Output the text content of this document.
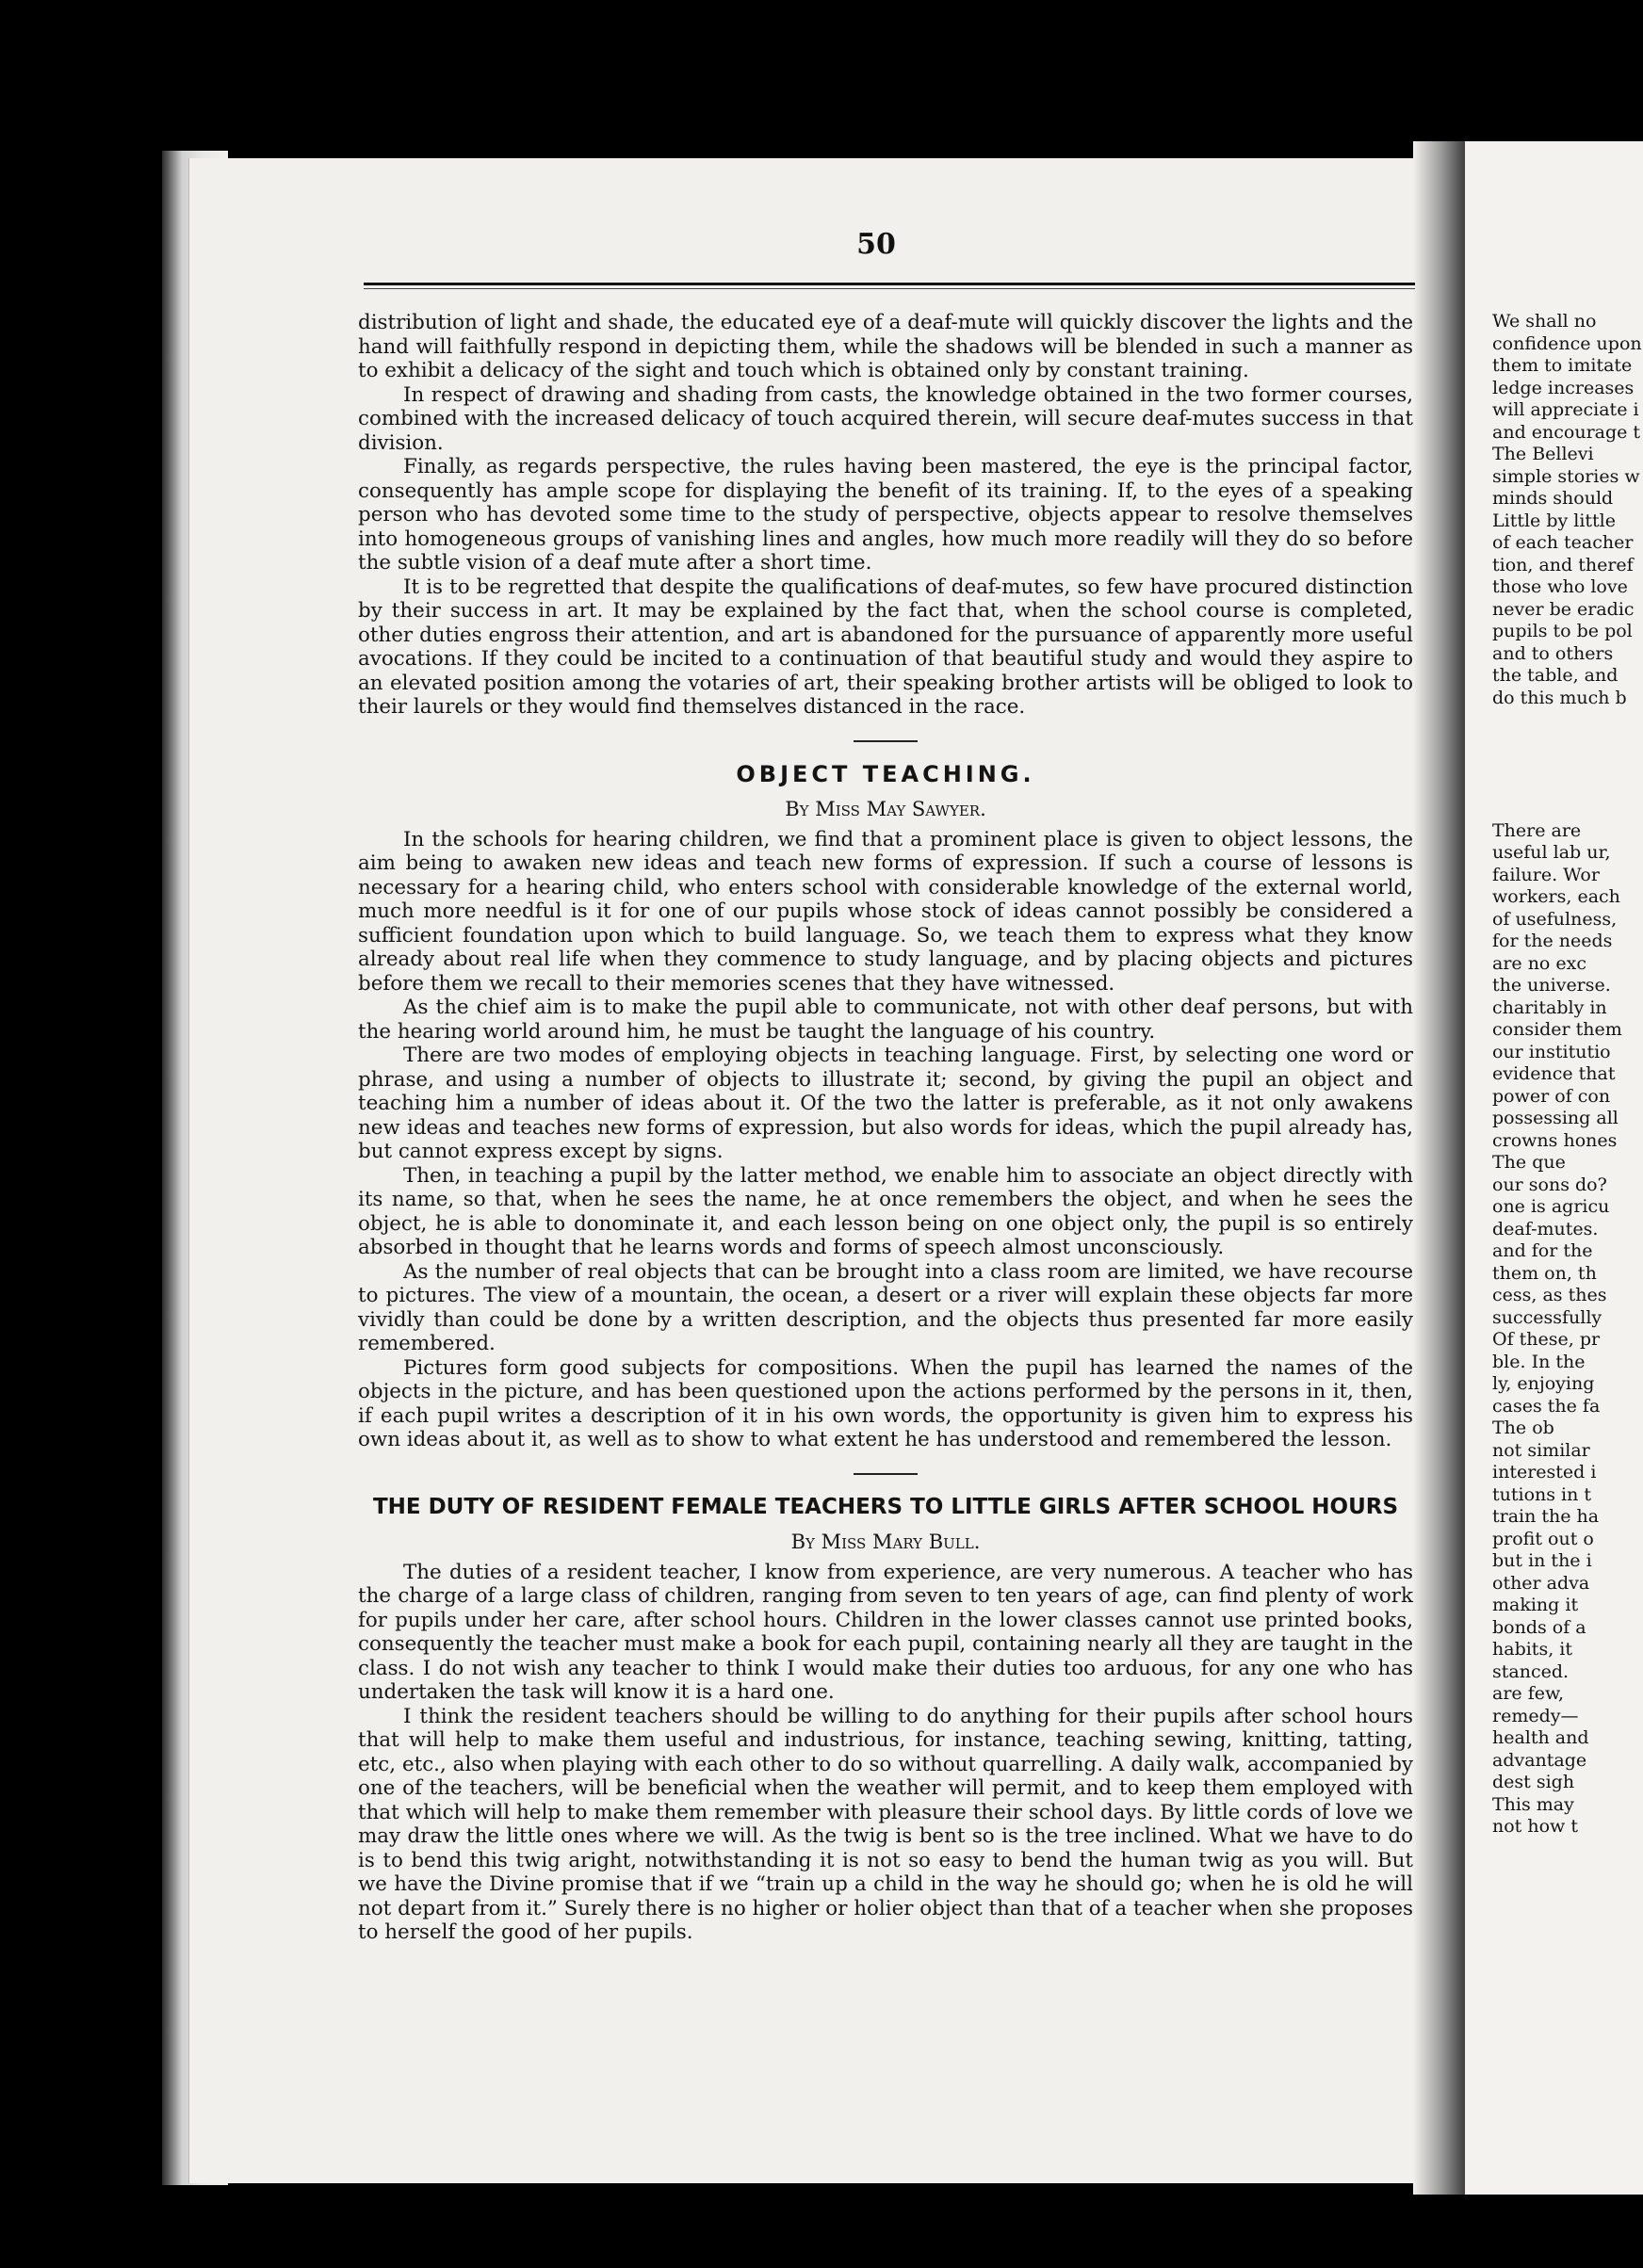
50

distribution of light and shade, the educated eye of a deaf-mute will quickly discover the lights and the hand will faithfully respond in depicting them, while the shadows will be blended in such a manner as to exhibit a delicacy of the sight and touch which is obtained only by constant training.

In respect of drawing and shading from casts, the knowledge obtained in the two former courses, combined with the increased delicacy of touch acquired therein, will secure deaf-mutes success in that division.

Finally, as regards perspective, the rules having been mastered, the eye is the principal factor, consequently has ample scope for displaying the benefit of its training. If, to the eyes of a speaking person who has devoted some time to the study of perspective, objects appear to resolve themselves into homogeneous groups of vanishing lines and angles, how much more readily will they do so before the subtle vision of a deaf mute after a short time.

It is to be regretted that despite the qualifications of deaf-mutes, so few have procured distinction by their success in art. It may be explained by the fact that, when the school course is completed, other duties engross their attention, and art is abandoned for the pursuance of apparently more useful avocations. If they could be incited to a continuation of that beautiful study and would they aspire to an elevated position among the votaries of art, their speaking brother artists will be obliged to look to their laurels or they would find themselves distanced in the race.

OBJECT TEACHING.
By Miss May Sawyer.

In the schools for hearing children, we find that a prominent place is given to object lessons, the aim being to awaken new ideas and teach new forms of expression. If such a course of lessons is necessary for a hearing child, who enters school with considerable knowledge of the external world, much more needful is it for one of our pupils whose stock of ideas cannot possibly be considered a sufficient foundation upon which to build language. So, we teach them to express what they know already about real life when they commence to study language, and by placing objects and pictures before them we recall to their memories scenes that they have witnessed.

As the chief aim is to make the pupil able to communicate, not with other deaf persons, but with the hearing world around him, he must be taught the language of his country.

There are two modes of employing objects in teaching language. First, by selecting one word or phrase, and using a number of objects to illustrate it; second, by giving the pupil an object and teaching him a number of ideas about it. Of the two the latter is preferable, as it not only awakens new ideas and teaches new forms of expression, but also words for ideas, which the pupil already has, but cannot express except by signs.

Then, in teaching a pupil by the latter method, we enable him to associate an object directly with its name, so that, when he sees the name, he at once remembers the object, and when he sees the object, he is able to donominate it, and each lesson being on one object only, the pupil is so entirely absorbed in thought that he learns words and forms of speech almost unconsciously.

As the number of real objects that can be brought into a class room are limited, we have recourse to pictures. The view of a mountain, the ocean, a desert or a river will explain these objects far more vividly than could be done by a written description, and the objects thus presented far more easily remembered.

Pictures form good subjects for compositions. When the pupil has learned the names of the objects in the picture, and has been questioned upon the actions performed by the persons in it, then, if each pupil writes a description of it in his own words, the opportunity is given him to express his own ideas about it, as well as to show to what extent he has understood and remembered the lesson.

THE DUTY OF RESIDENT FEMALE TEACHERS TO LITTLE GIRLS AFTER SCHOOL HOURS
By Miss Mary Bull.

The duties of a resident teacher, I know from experience, are very numerous. A teacher who has the charge of a large class of children, ranging from seven to ten years of age, can find plenty of work for pupils under her care, after school hours. Children in the lower classes cannot use printed books, consequently the teacher must make a book for each pupil, containing nearly all they are taught in the class. I do not wish any teacher to think I would make their duties too arduous, for any one who has undertaken the task will know it is a hard one.

I think the resident teachers should be willing to do anything for their pupils after school hours that will help to make them useful and industrious, for instance, teaching sewing, knitting, tatting, etc, etc., also when playing with each other to do so without quarrelling. A daily walk, accompanied by one of the teachers, will be beneficial when the weather will permit, and to keep them employed with that which will help to make them remember with pleasure their school days. By little cords of love we may draw the little ones where we will. As the twig is bent so is the tree inclined. What we have to do is to bend this twig aright, notwithstanding it is not so easy to bend the human twig as you will. But we have the Divine promise that if we “train up a child in the way he should go; when he is old he will not depart from it.” Surely there is no higher or holier object than that of a teacher when she proposes to herself the good of her pupils.

We shall no
confidence upon
them to imitate
ledge increases
will appreciate i
and encourage t
The Bellevi
simple stories w
minds should
Little by little
of each teacher
tion, and theref
those who love
never be eradic
pupils to be pol
and to others
the table, and
do this much b
There are
useful lab ur,
failure. Wor
workers, each
of usefulness,
for the needs
are no exc
the universe.
charitably in
consider them
our institutio
evidence that
power of con
possessing all
crowns hones
The que
our sons do?
one is agricu
deaf-mutes.
and for the
them on, th
cess, as thes
successfully
Of these, pr
ble. In the
ly, enjoying
cases the fa
The ob
not similar
interested i
tutions in t
train the ha
profit out o
but in the i
other adva
making it
bonds of a
habits, it
stanced.
are few,
remedy—
health and
advantage
dest sigh
This may
not how t
